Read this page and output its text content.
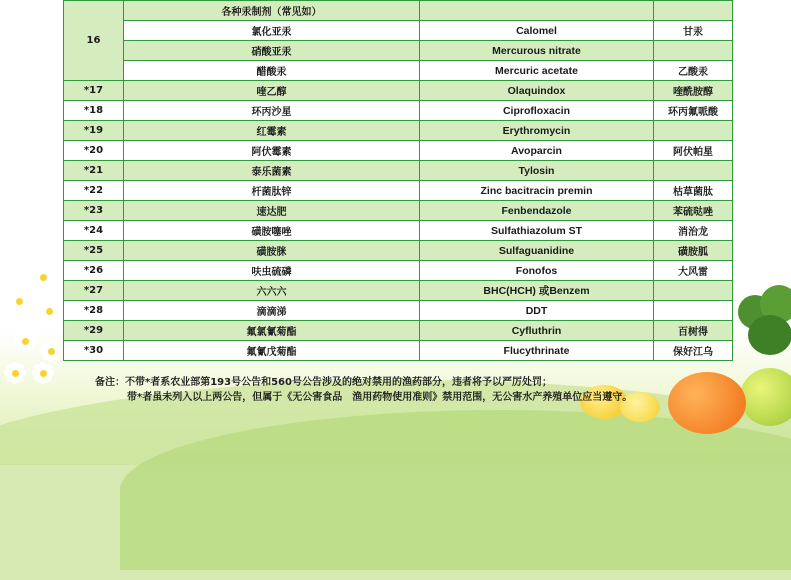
16	各种汞制剂（常见如）		
	氯化亚汞	Calomel	甘汞
	硝酸亚汞	Mercurous nitrate	
	醋酸汞	Mercuric acetate	乙酸汞
*17	喹乙醇	Olaquindox	喹酰胺醇
*18	环丙沙星	Ciprofloxacin	环丙氟哌酸
*19	红霉素	Erythromycin	
*20	阿伏霉素	Avoparcin	阿伏帕星
*21	泰乐菌素	Tylosin	
*22	杆菌肽锌	Zinc bacitracin premin	枯草菌肽
*23	速达肥	Fenbendazole	苯硫哒唑
*24	磺胺噻唑	Sulfathiazolum ST	消治龙
*25	磺胺脒	Sulfaguanidine	磺胺胍
*26	呋虫硫磷	Fonofos	大风雷
*27	六六六	BHC(HCH) 或Benzem	
*28	滴滴涕	DDT	
*29	氟氯氰菊酯	Cyfluthrin	百树得
*30	氟氰戊菊酯	Flucythrinate	保好江乌
备注：不带*者系农业部第193号公告和560号公告涉及的绝对禁用的渔药部分，违者将予以严厉处罚；
带*者虽未列入以上两公告，但属于《无公害食品　渔用药物使用准则》禁用范围，无公害水产养殖单位应当遵守。
